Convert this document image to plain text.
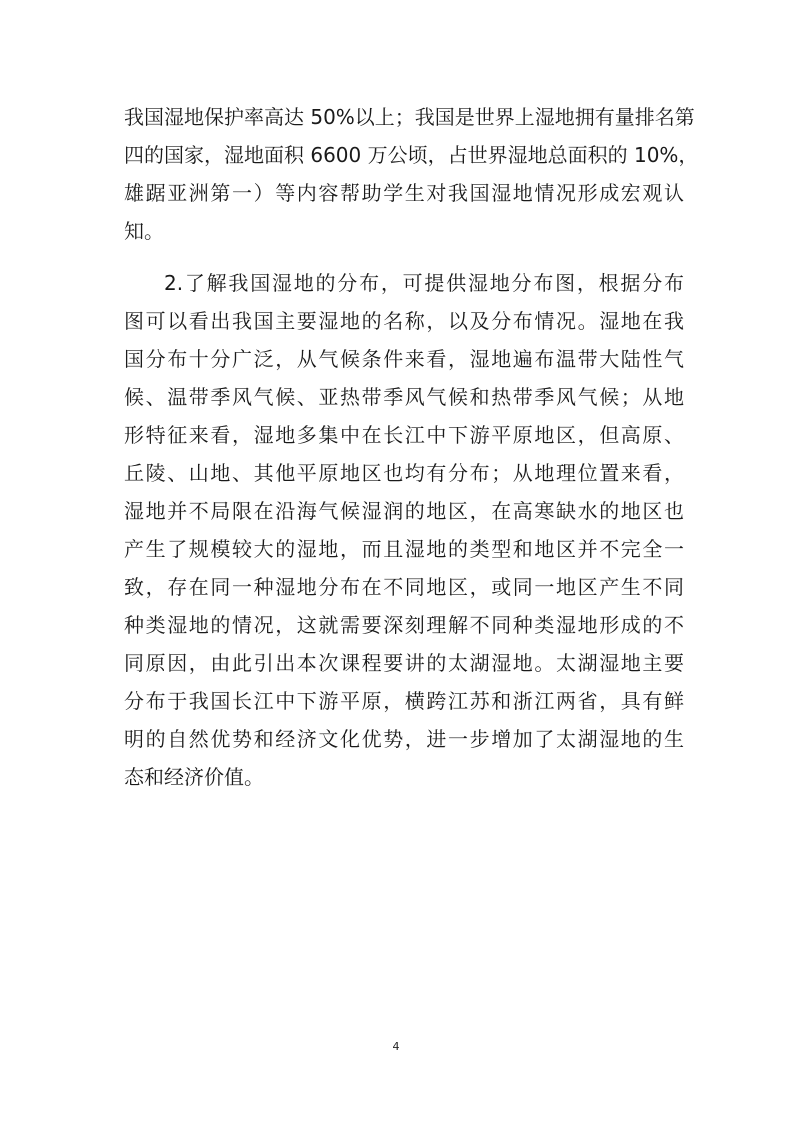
我国湿地保护率高达 50%以上；我国是世界上湿地拥有量排名第
四的国家，湿地面积 6600 万公顷，占世界湿地总面积的 10%，
雄踞亚洲第一）等内容帮助学生对我国湿地情况形成宏观认
知。
2.了解我国湿地的分布，可提供湿地分布图，根据分布
图可以看出我国主要湿地的名称，以及分布情况。湿地在我
国分布十分广泛，从气候条件来看，湿地遍布温带大陆性气
候、温带季风气候、亚热带季风气候和热带季风气候；从地
形特征来看，湿地多集中在长江中下游平原地区，但高原、
丘陵、山地、其他平原地区也均有分布；从地理位置来看，
湿地并不局限在沿海气候湿润的地区，在高寒缺水的地区也
产生了规模较大的湿地，而且湿地的类型和地区并不完全一
致，存在同一种湿地分布在不同地区，或同一地区产生不同
种类湿地的情况，这就需要深刻理解不同种类湿地形成的不
同原因，由此引出本次课程要讲的太湖湿地。太湖湿地主要
分布于我国长江中下游平原，横跨江苏和浙江两省，具有鲜
明的自然优势和经济文化优势，进一步增加了太湖湿地的生
态和经济价值。
4
